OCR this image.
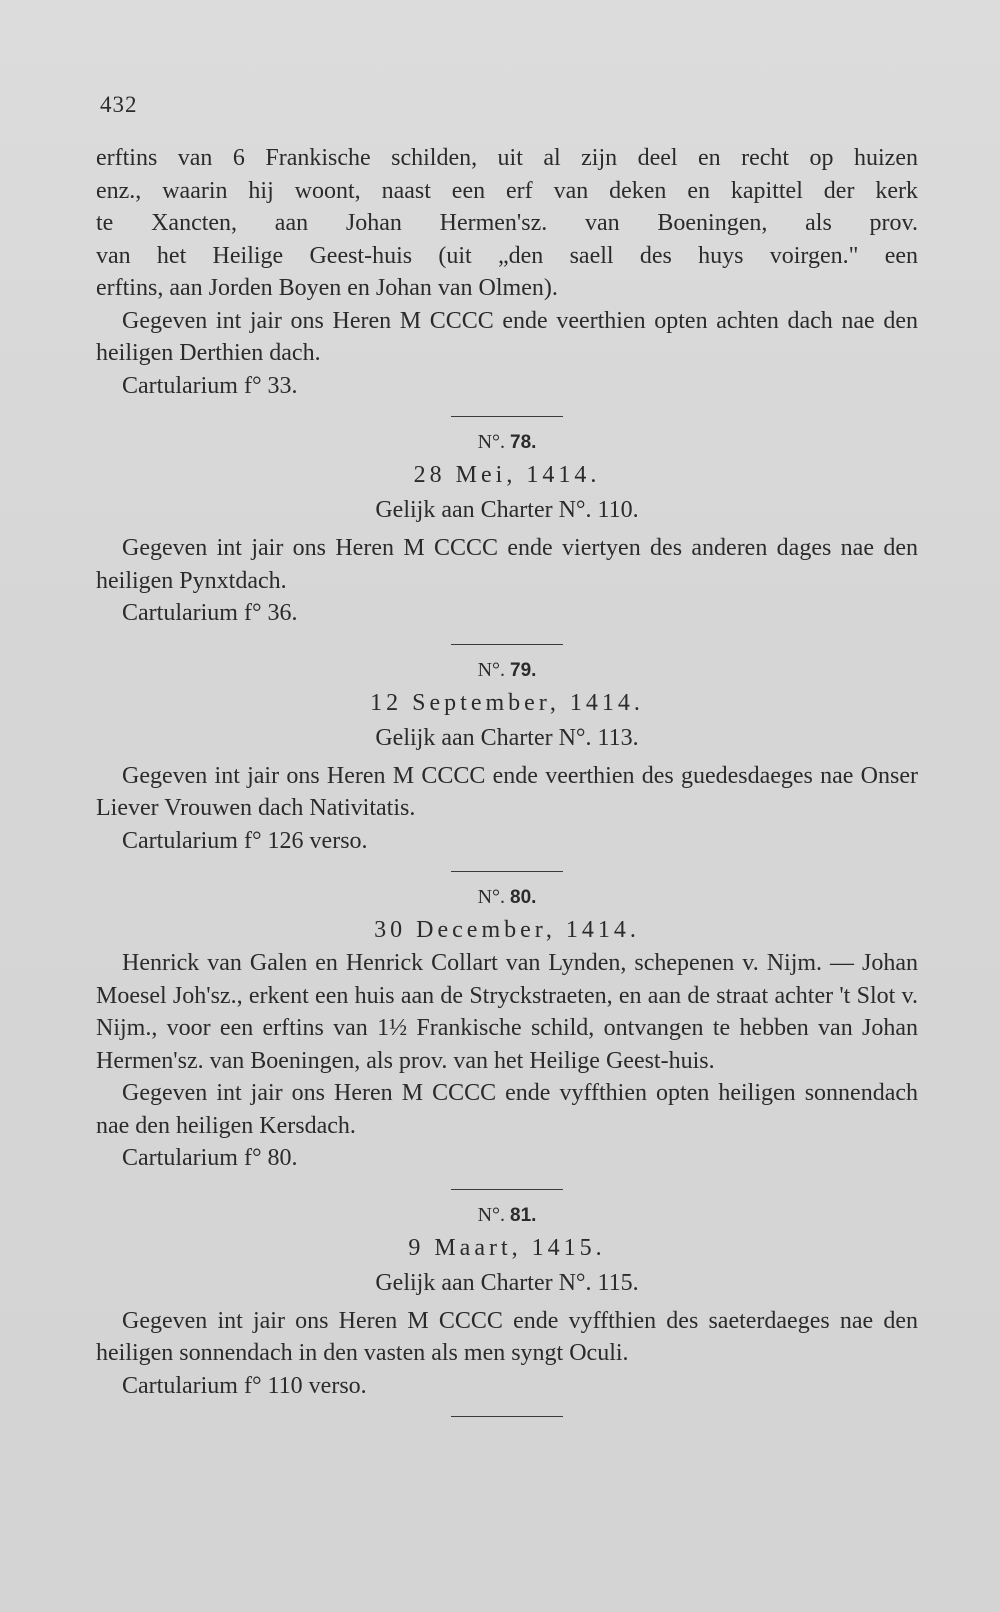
432

erftins van 6 Frankische schilden, uit al zijn deel en recht op huizen

enz., waarin hij woont, naast een erf van deken en kapittel der kerk

te Xancten, aan Johan Hermen'sz. van Boeningen, als prov.

van het Heilige Geest-huis (uit „den saell des huys voirgen." een

erftins, aan Jorden Boyen en Johan van Olmen).

Gegeven int jair ons Heren M CCCC ende veerthien opten achten dach nae den heiligen Derthien dach.

Cartularium f° 33.

N°. 78.
28 Mei, 1414.
Gelijk aan Charter N°. 110.

Gegeven int jair ons Heren M CCCC ende viertyen des anderen dages nae den heiligen Pynxtdach.

Cartularium f° 36.

N°. 79.
12 September, 1414.
Gelijk aan Charter N°. 113.

Gegeven int jair ons Heren M CCCC ende veerthien des guedesdaeges nae Onser Liever Vrouwen dach Nativitatis.

Cartularium f° 126 verso.

N°. 80.
30 December, 1414.

Henrick van Galen en Henrick Collart van Lynden, schepenen v. Nijm. — Johan Moesel Joh'sz., erkent een huis aan de Stryckstraeten, en aan de straat achter 't Slot v. Nijm., voor een erftins van 1½ Frankische schild, ontvangen te hebben van Johan Hermen'sz. van Boeningen, als prov. van het Heilige Geest-huis.

Gegeven int jair ons Heren M CCCC ende vyffthien opten heiligen sonnendach nae den heiligen Kersdach.

Cartularium f° 80.

N°. 81.
9 Maart, 1415.
Gelijk aan Charter N°. 115.

Gegeven int jair ons Heren M CCCC ende vyffthien des saeterdaeges nae den heiligen sonnendach in den vasten als men syngt Oculi.

Cartularium f° 110 verso.
